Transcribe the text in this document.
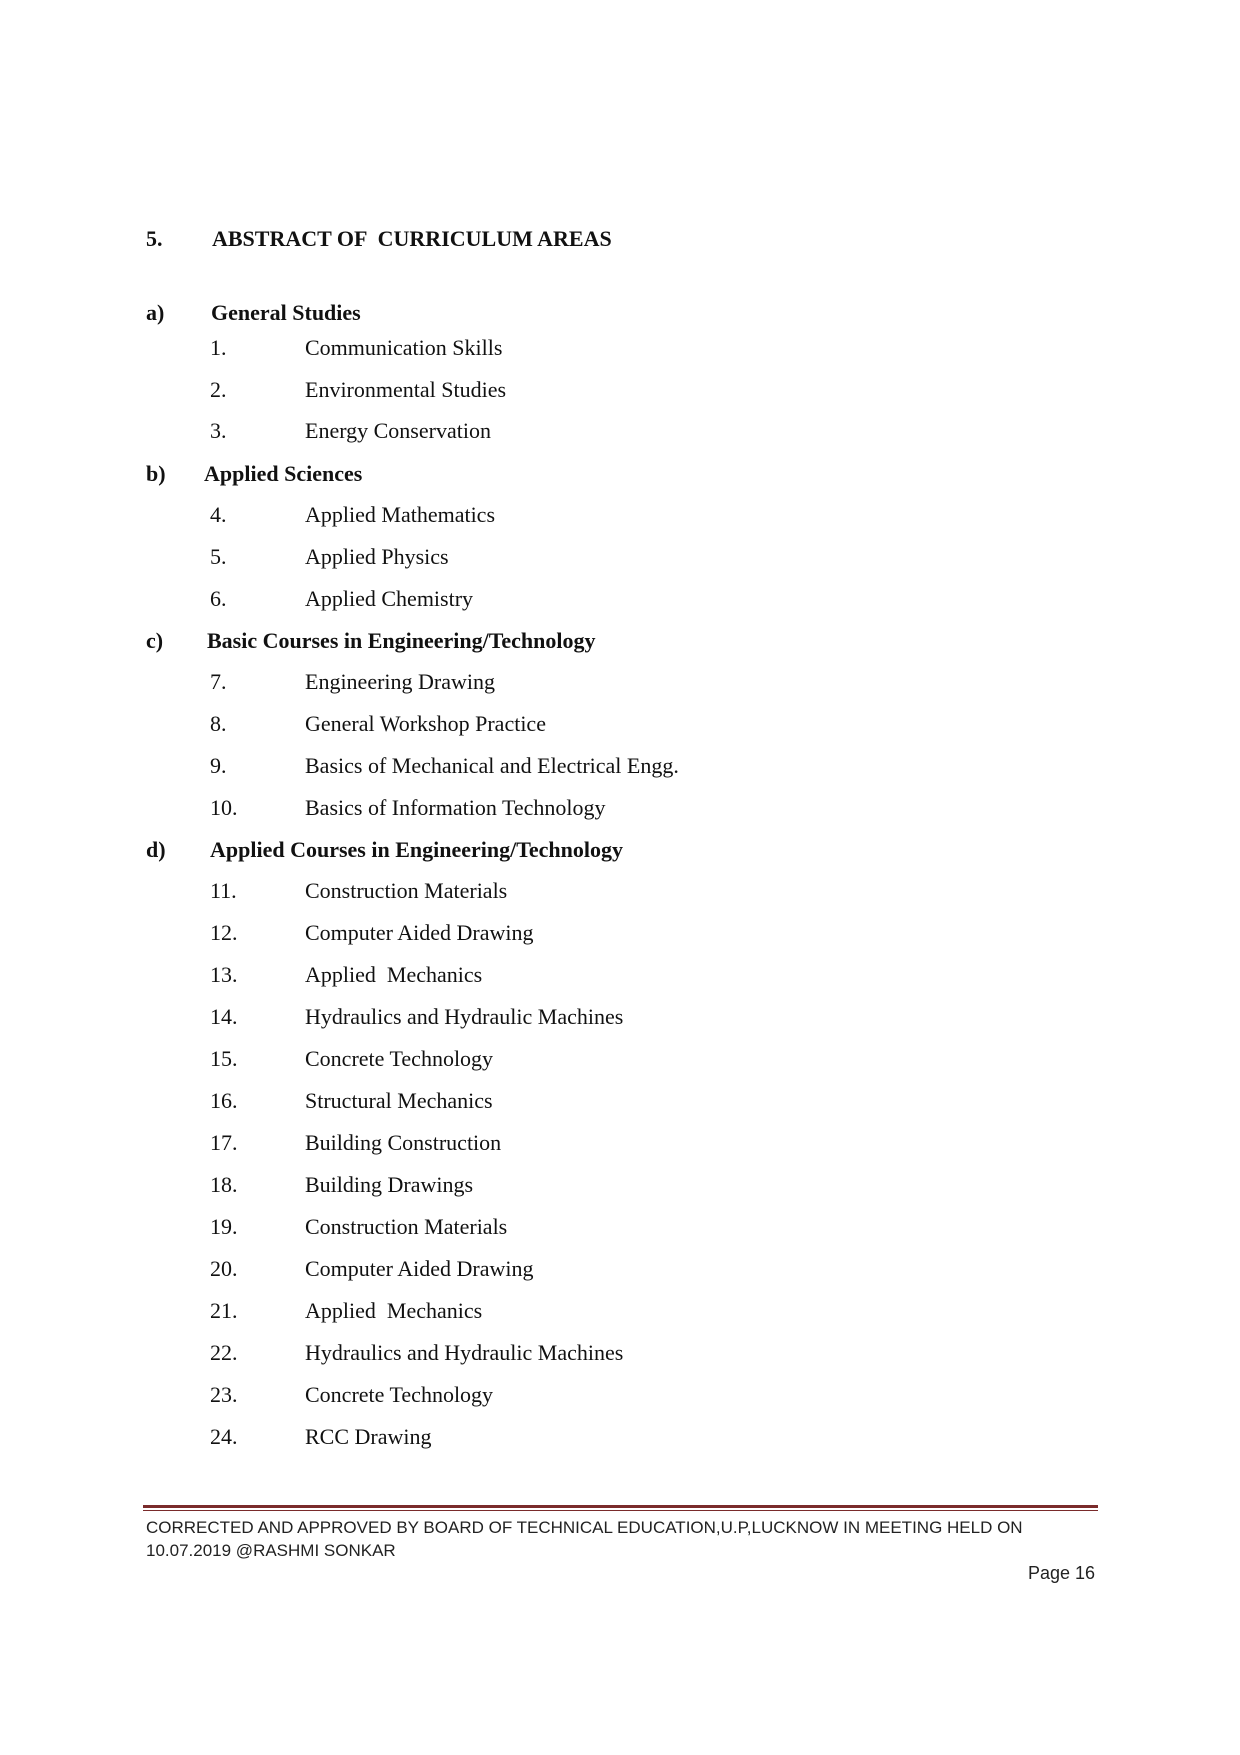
5. ABSTRACT OF  CURRICULUM AREAS
a) General Studies
1.	Communication Skills
2.	Environmental Studies
3.	Energy Conservation
b) Applied Sciences
4.	Applied Mathematics
5.	Applied Physics
6.	Applied Chemistry
c) Basic Courses in Engineering/Technology
7.	Engineering Drawing
8.	General Workshop Practice
9.	Basics of Mechanical and Electrical Engg.
10.	Basics of Information Technology
d) Applied Courses in Engineering/Technology
11.	Construction Materials
12.	Computer Aided Drawing
13.	Applied  Mechanics
14.	Hydraulics and Hydraulic Machines
15.	Concrete Technology
16.	Structural Mechanics
17.	Building Construction
18.	Building Drawings
19.	Construction Materials
20.	Computer Aided Drawing
21.	Applied  Mechanics
22.	Hydraulics and Hydraulic Machines
23.	Concrete Technology
24.	RCC Drawing
CORRECTED AND APPROVED BY BOARD OF TECHNICAL EDUCATION,U.P,LUCKNOW IN MEETING HELD ON
10.07.2019 @RASHMI SONKAR
Page 16
